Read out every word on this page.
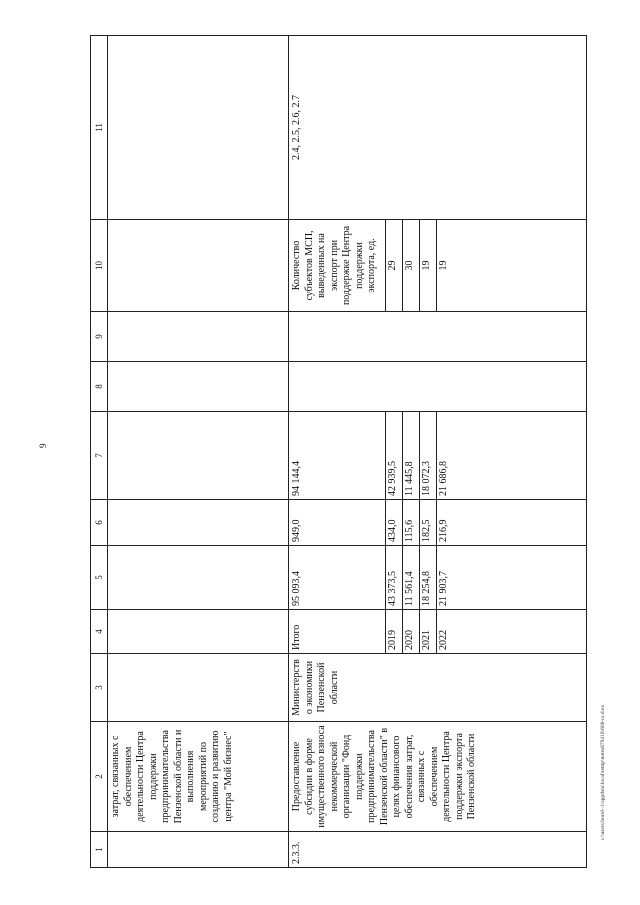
9
c:\users\borol~1\appdata\local\temp\notes879410\600-ra.d.ex
1	2	3	4	5	6	7	8	9	10	11
	затрат, связанных с обеспечением деятельности Центра поддержки предпринимательства Пензенской области и выполнения мероприятий по созданию и развитию центра "Мой бизнес"									
2.3.3.	Предоставление субсидии в форме имущественного взноса некоммерческой организации "Фонд поддержки предпринимательства Пензенской области" в целях финансового обеспечения затрат, связанных с обеспечением деятельности Центра поддержки экспорта Пензенской области	Министерство экономики Пензенской области	Итого	95 093,4	949,0	94 144,4			Количество субъектов МСП, выведенных на экспорт при поддержке Центра поддержки экспорта, ед.	2.4, 2.5, 2.6, 2.7
			2019	43 373,5	434,0	42 939,5			29	
			2020	11 561,4	115,6	11 445,8			30	
			2021	18 254,8	182,5	18 072,3			19	
			2022	21 903,7	216,9	21 686,8			19	
